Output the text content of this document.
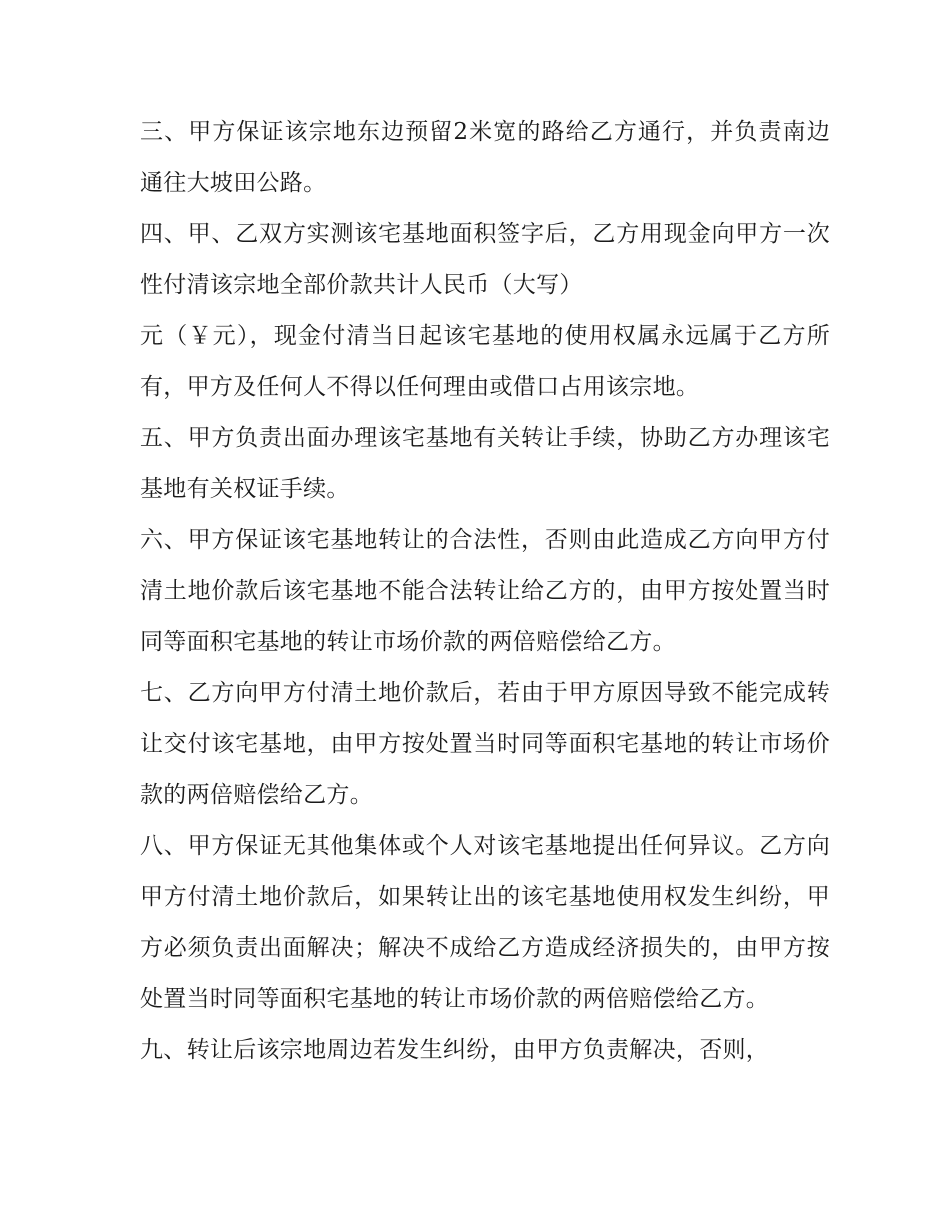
三、甲方保证该宗地东边预留2米宽的路给乙方通行，并负责南边通往大坡田公路。

四、甲、乙双方实测该宅基地面积签字后，乙方用现金向甲方一次性付清该宗地全部价款共计人民币（大写）

元（￥元），现金付清当日起该宅基地的使用权属永远属于乙方所有，甲方及任何人不得以任何理由或借口占用该宗地。

五、甲方负责出面办理该宅基地有关转让手续，协助乙方办理该宅基地有关权证手续。

六、甲方保证该宅基地转让的合法性，否则由此造成乙方向甲方付清土地价款后该宅基地不能合法转让给乙方的，由甲方按处置当时同等面积宅基地的转让市场价款的两倍赔偿给乙方。

七、乙方向甲方付清土地价款后，若由于甲方原因导致不能完成转让交付该宅基地，由甲方按处置当时同等面积宅基地的转让市场价款的两倍赔偿给乙方。

八、甲方保证无其他集体或个人对该宅基地提出任何异议。乙方向甲方付清土地价款后，如果转让出的该宅基地使用权发生纠纷，甲方必须负责出面解决；解决不成给乙方造成经济损失的，由甲方按处置当时同等面积宅基地的转让市场价款的两倍赔偿给乙方。

九、转让后该宗地周边若发生纠纷，由甲方负责解决，否则，
